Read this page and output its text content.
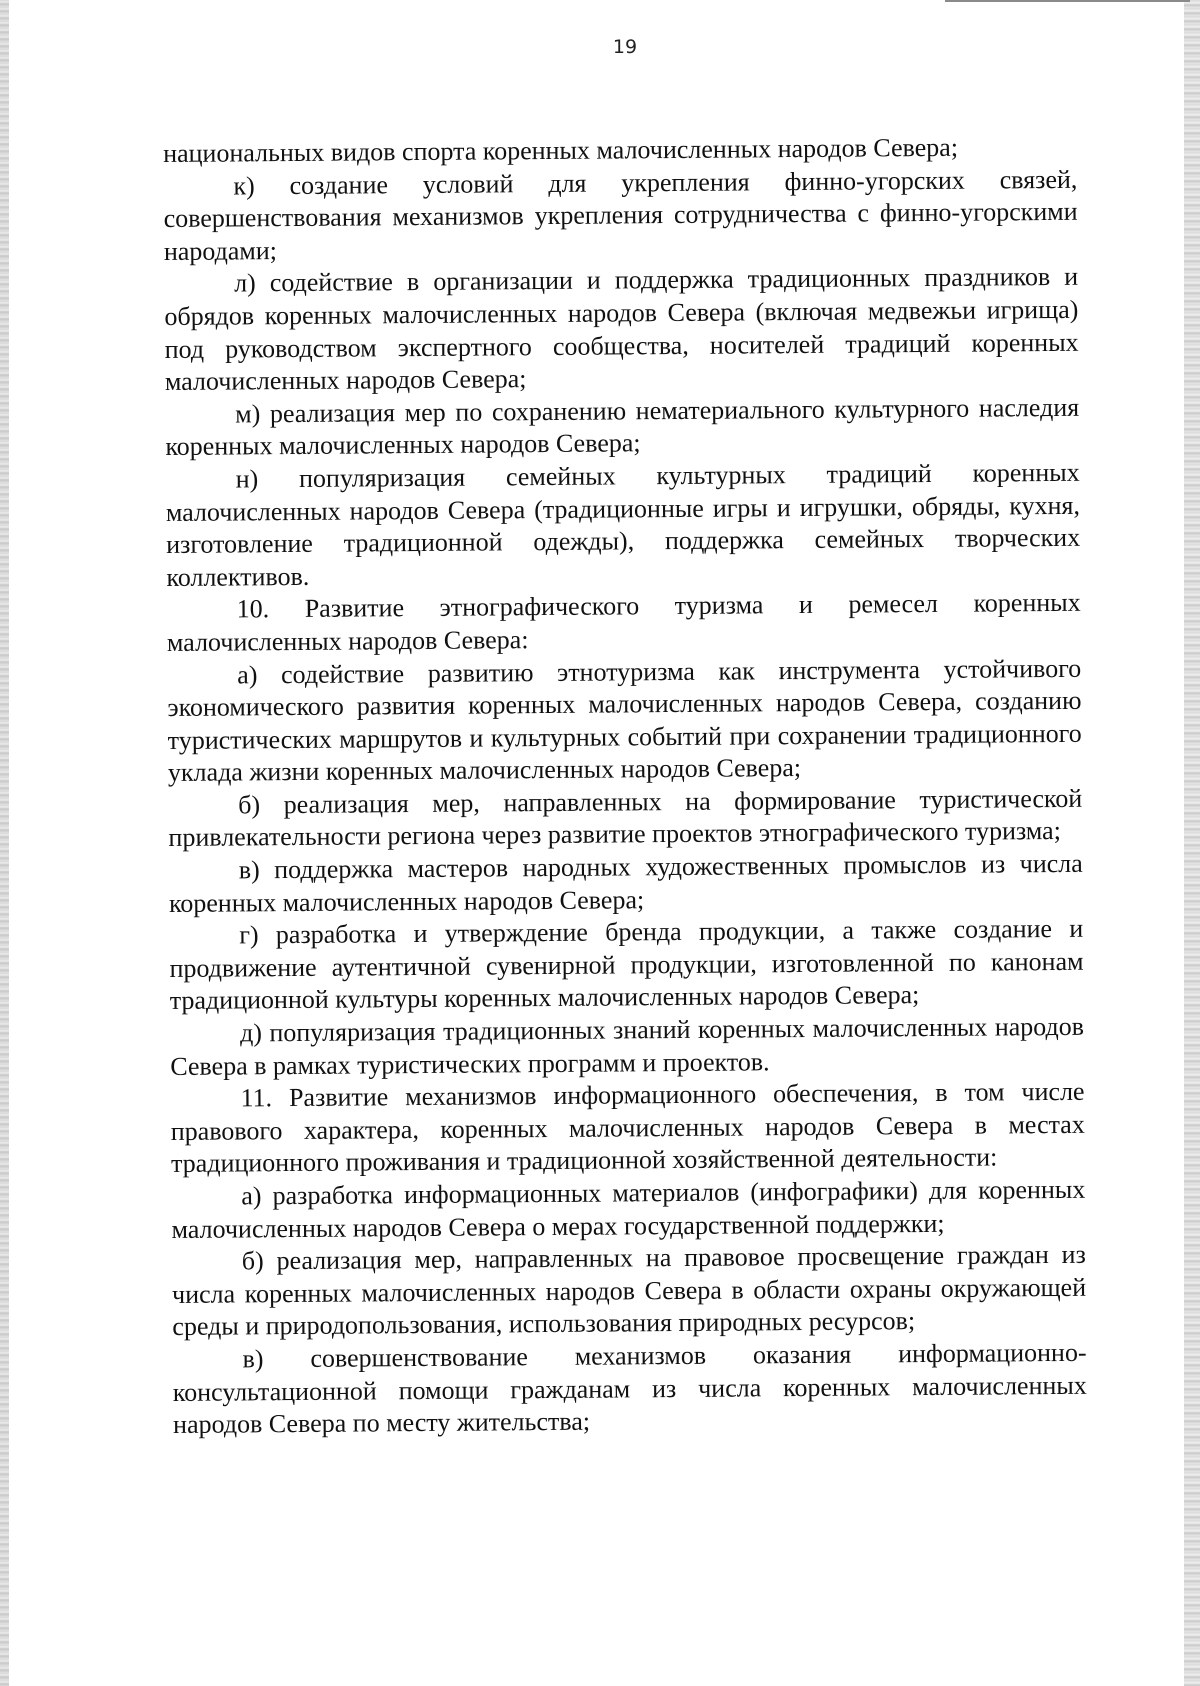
19

национальных видов спорта коренных малочисленных народов Севера;

к) создание условий для укрепления финно-угорских связей, совершенствования механизмов укрепления сотрудничества с финно-угорскими народами;

л) содействие в организации и поддержка традиционных праздников и обрядов коренных малочисленных народов Севера (включая медвежьи игрища) под руководством экспертного сообщества, носителей традиций коренных малочисленных народов Севера;

м) реализация мер по сохранению нематериального культурного наследия коренных малочисленных народов Севера;

н) популяризация семейных культурных традиций коренных малочисленных народов Севера (традиционные игры и игрушки, обряды, кухня, изготовление традиционной одежды), поддержка семейных творческих коллективов.

10. Развитие этнографического туризма и ремесел коренных малочисленных народов Севера:

а) содействие развитию этнотуризма как инструмента устойчивого экономического развития коренных малочисленных народов Севера, созданию туристических маршрутов и культурных событий при сохранении традиционного уклада жизни коренных малочисленных народов Севера;

б) реализация мер, направленных на формирование туристической привлекательности региона через развитие проектов этнографического туризма;

в) поддержка мастеров народных художественных промыслов из числа коренных малочисленных народов Севера;

г) разработка и утверждение бренда продукции, а также создание и продвижение аутентичной сувенирной продукции, изготовленной по канонам традиционной культуры коренных малочисленных народов Севера;

д) популяризация традиционных знаний коренных малочисленных народов Севера в рамках туристических программ и проектов.

11. Развитие механизмов информационного обеспечения, в том числе правового характера, коренных малочисленных народов Севера в местах традиционного проживания и традиционной хозяйственной деятельности:

а) разработка информационных материалов (инфографики) для коренных малочисленных народов Севера о мерах государственной поддержки;

б) реализация мер, направленных на правовое просвещение граждан из числа коренных малочисленных народов Севера в области охраны окружающей среды и природопользования, использования природных ресурсов;

в) совершенствование механизмов оказания информационно-консультационной помощи гражданам из числа коренных малочисленных народов Севера по месту жительства;
